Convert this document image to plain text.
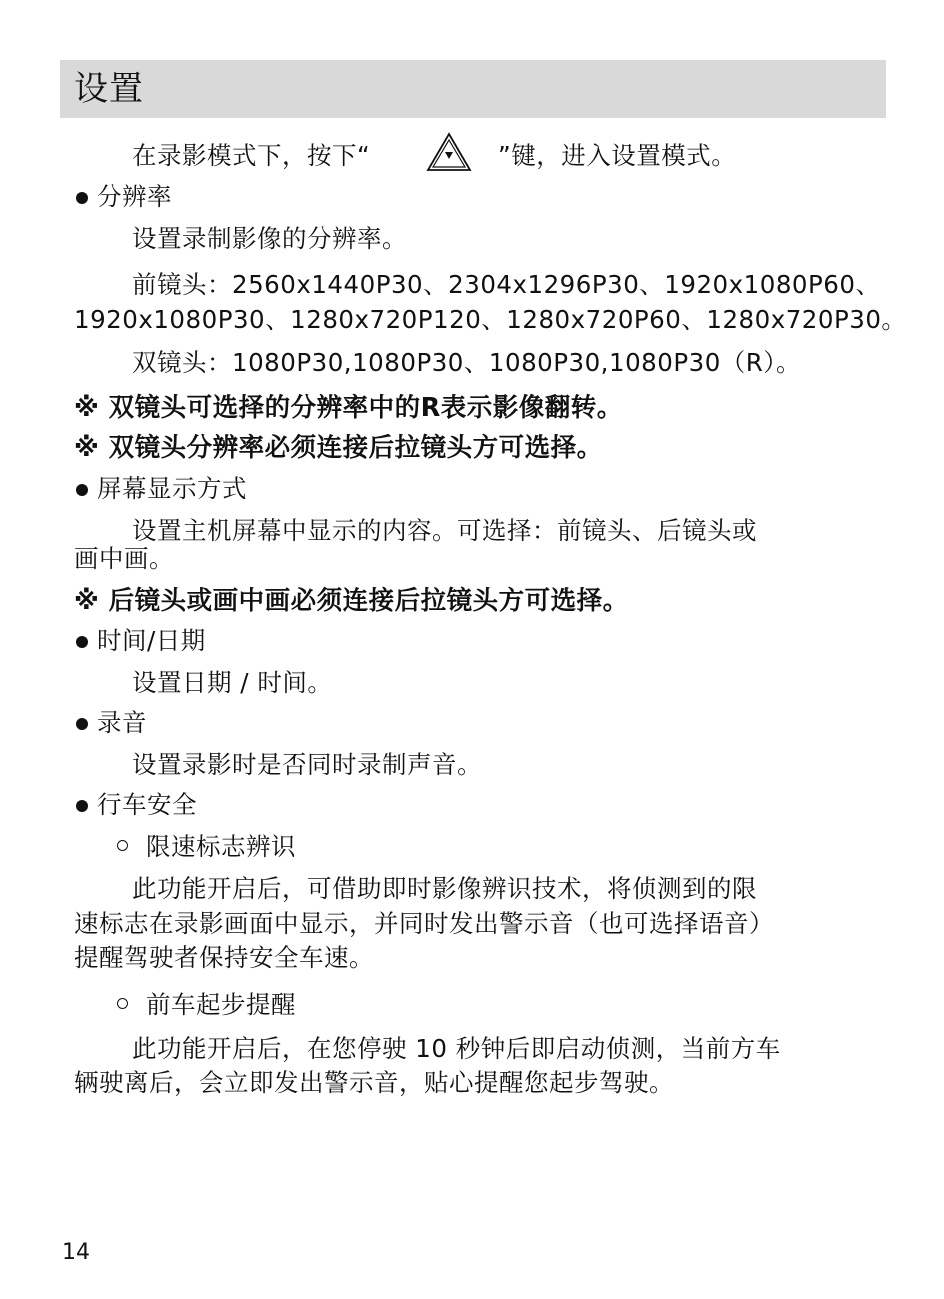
设置
在录影模式下，按下“	”键，进入设置模式。
分辨率
设置录制影像的分辨率。
前镜头：2560x1440P30、2304x1296P30、1920x1080P60、
1920x1080P30、1280x720P120、1280x720P60、1280x720P30。
双镜头：1080P30,1080P30、1080P30,1080P30（R）。
※ 双镜头可选择的分辨率中的R表示影像翻转。
※ 双镜头分辨率必须连接后拉镜头方可选择。
屏幕显示方式
设置主机屏幕中显示的内容。可选择：前镜头、后镜头或
画中画。
※ 后镜头或画中画必须连接后拉镜头方可选择。
时间/日期
设置日期 / 时间。
录音
设置录影时是否同时录制声音。
行车安全
限速标志辨识
此功能开启后，可借助即时影像辨识技术，将侦测到的限
速标志在录影画面中显示，并同时发出警示音（也可选择语音）
提醒驾驶者保持安全车速。
前车起步提醒
此功能开启后，在您停驶 10 秒钟后即启动侦测，当前方车
辆驶离后，会立即发出警示音，贴心提醒您起步驾驶。
14
